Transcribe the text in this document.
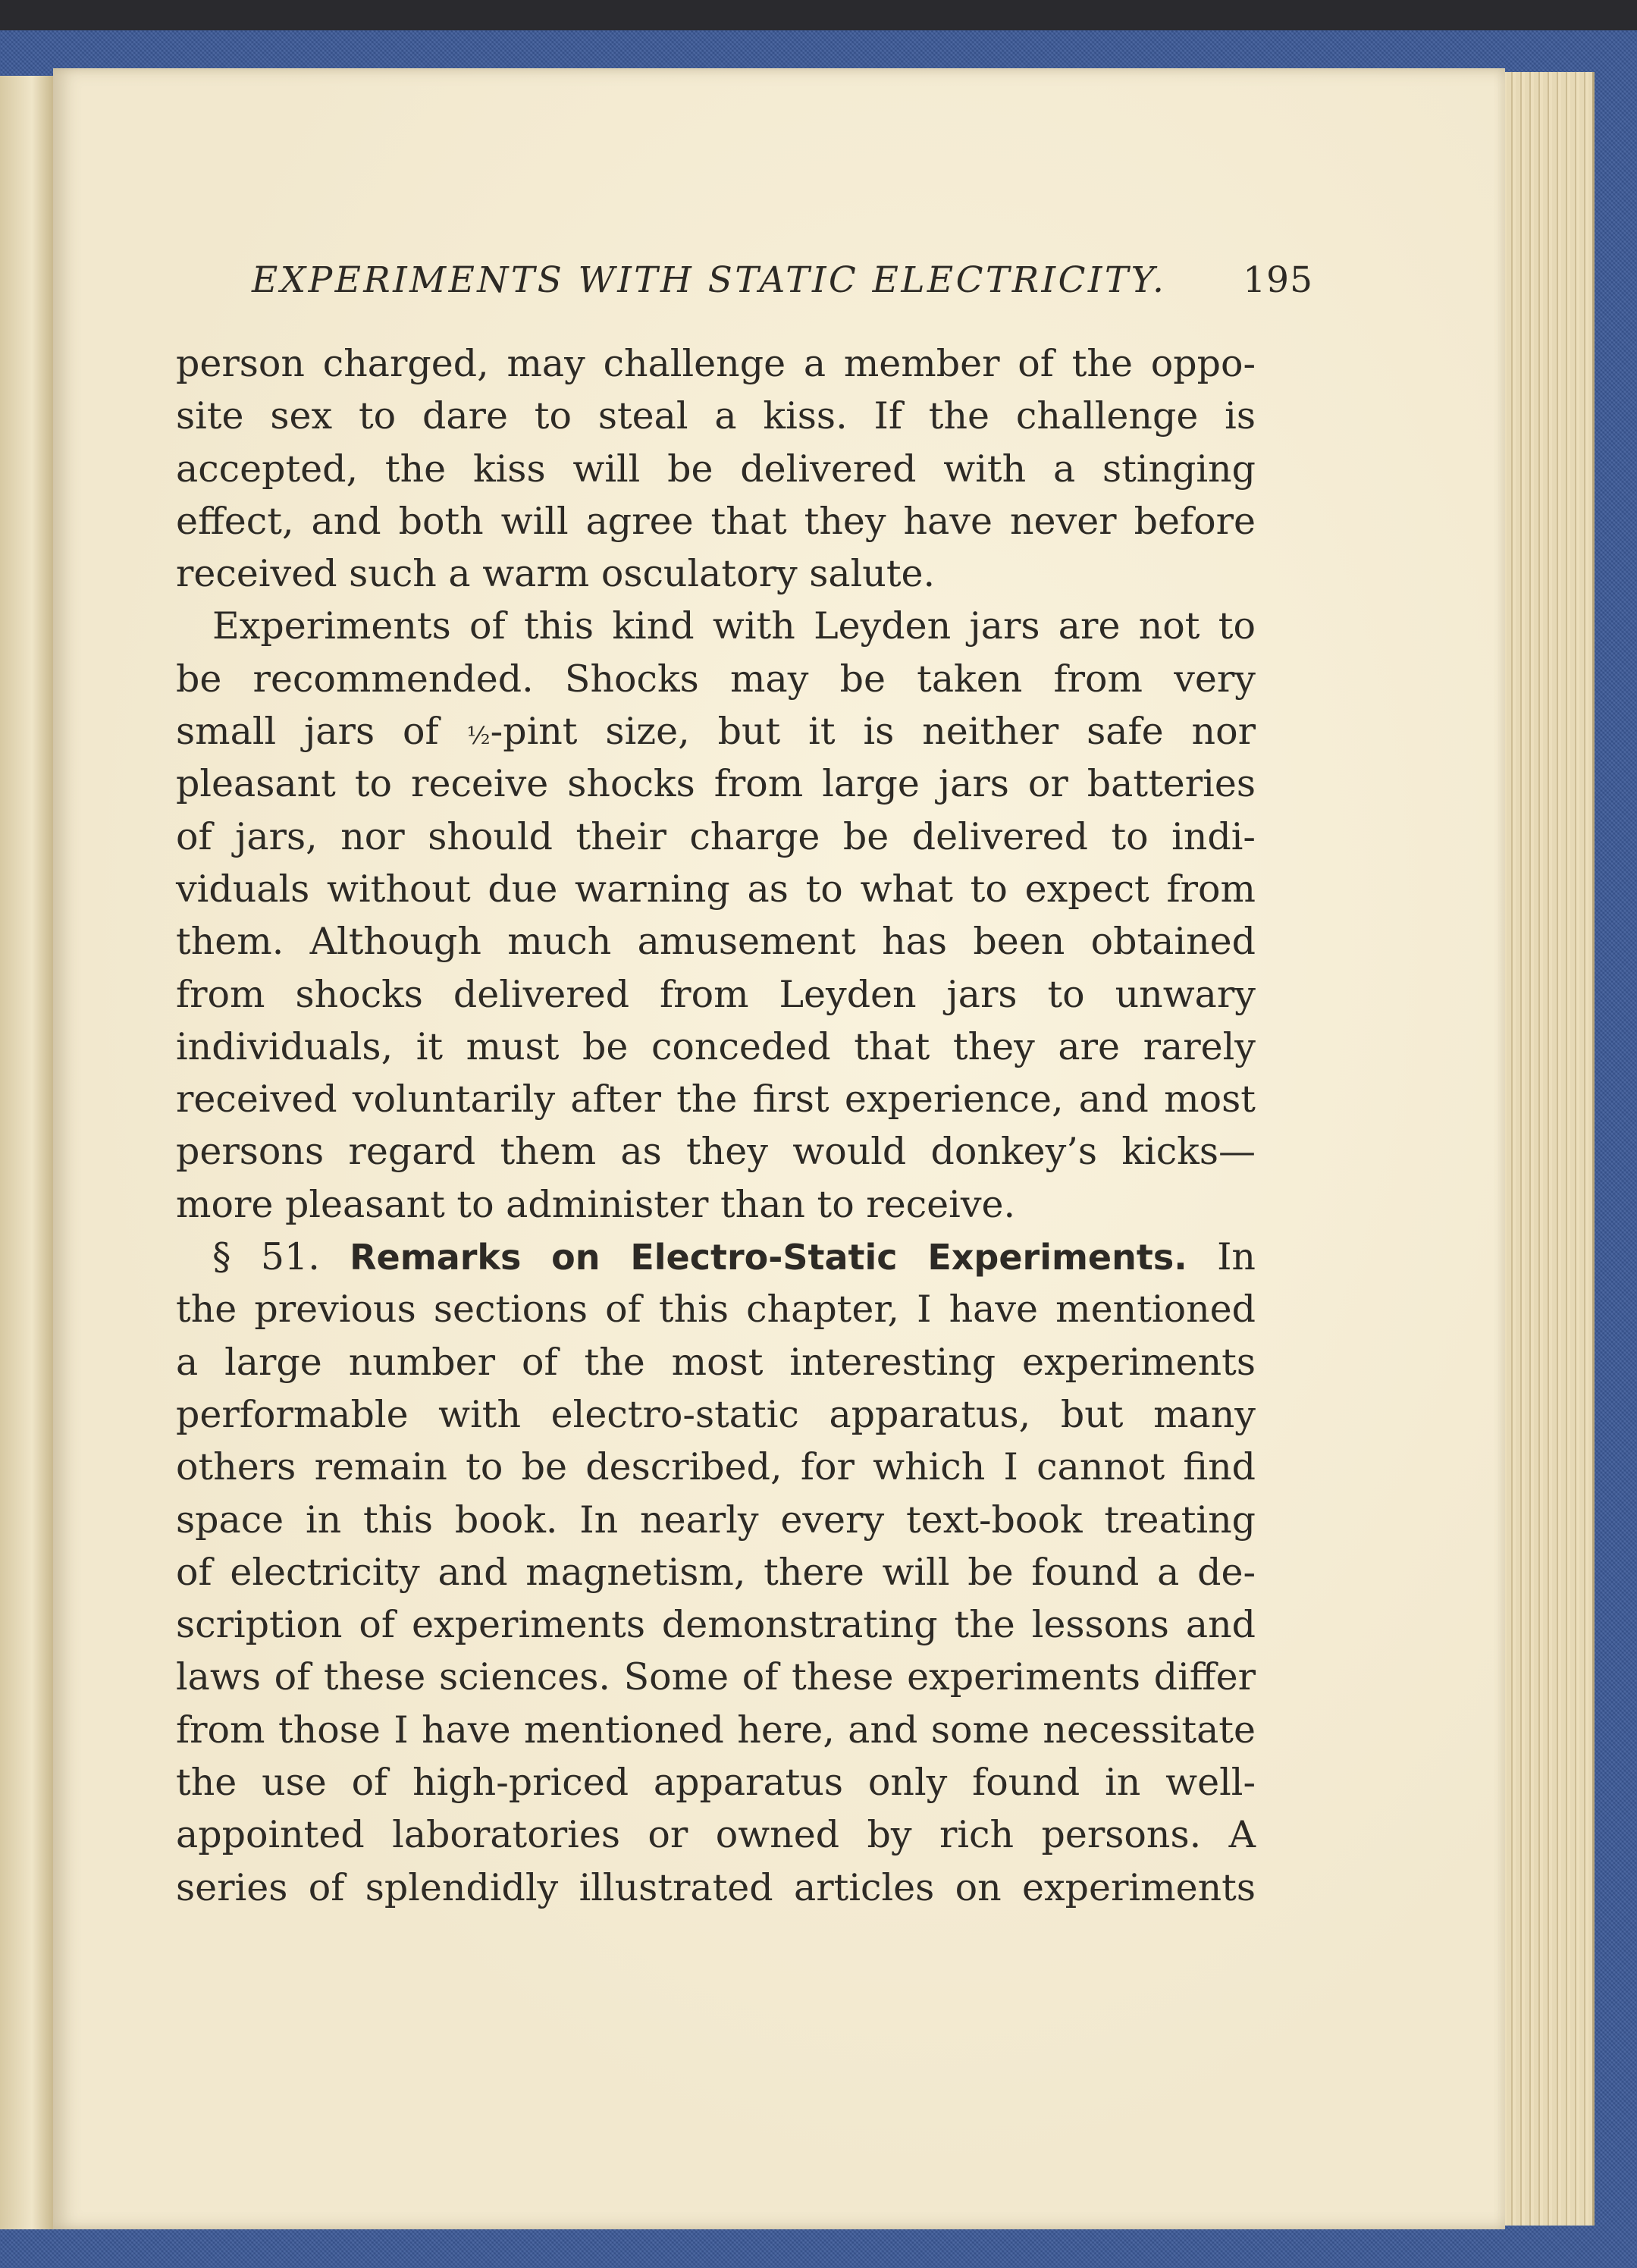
EXPERIMENTS WITH STATIC ELECTRICITY. 195
person charged, may challenge a member of the oppo-
site sex to dare to steal a kiss. If the challenge is
accepted, the kiss will be delivered with a stinging
effect, and both will agree that they have never before
received such a warm osculatory salute.
Experiments of this kind with Leyden jars are not to
be recommended. Shocks may be taken from very
small jars of ½-pint size, but it is neither safe nor
pleasant to receive shocks from large jars or batteries
of jars, nor should their charge be delivered to indi-
viduals without due warning as to what to expect from
them. Although much amusement has been obtained
from shocks delivered from Leyden jars to unwary
individuals, it must be conceded that they are rarely
received voluntarily after the first experience, and most
persons regard them as they would donkey’s kicks—
more pleasant to administer than to receive.
§ 51. Remarks on Electro-Static Experiments. In
the previous sections of this chapter, I have mentioned
a large number of the most interesting experiments
performable with electro-static apparatus, but many
others remain to be described, for which I cannot find
space in this book. In nearly every text-book treating
of electricity and magnetism, there will be found a de-
scription of experiments demonstrating the lessons and
laws of these sciences. Some of these experiments differ
from those I have mentioned here, and some necessitate
the use of high-priced apparatus only found in well-
appointed laboratories or owned by rich persons. A
series of splendidly illustrated articles on experiments
